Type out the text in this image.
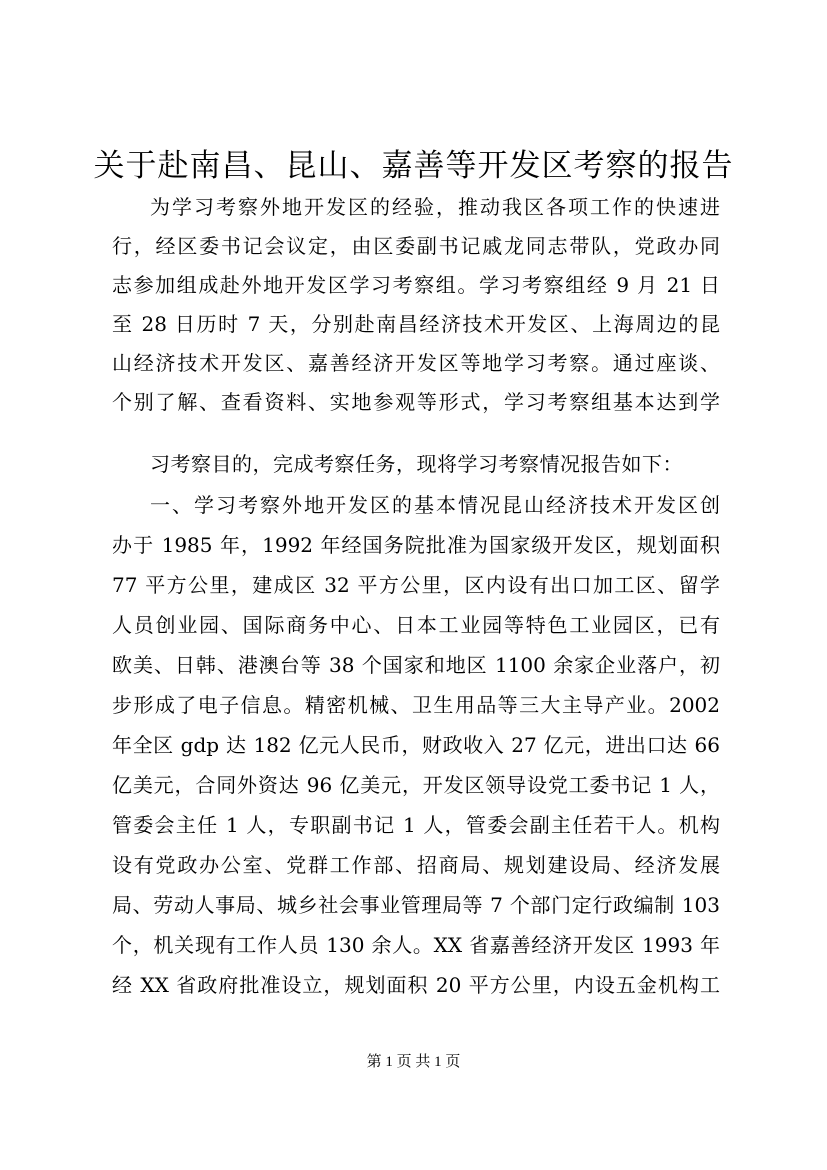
关于赴南昌、昆山、嘉善等开发区考察的报告
为学习考察外地开发区的经验，推动我区各项工作的快速进
行，经区委书记会议定，由区委副书记戚龙同志带队，党政办同
志参加组成赴外地开发区学习考察组。学习考察组经 9 月 21 日
至 28 日历时 7 天，分别赴南昌经济技术开发区、上海周边的昆
山经济技术开发区、嘉善经济开发区等地学习考察。通过座谈、
个别了解、查看资料、实地参观等形式，学习考察组基本达到学
习考察目的，完成考察任务，现将学习考察情况报告如下：
一、学习考察外地开发区的基本情况昆山经济技术开发区创
办于 1985 年，1992 年经国务院批准为国家级开发区，规划面积
77 平方公里，建成区 32 平方公里，区内设有出口加工区、留学
人员创业园、国际商务中心、日本工业园等特色工业园区，已有
欧美、日韩、港澳台等 38 个国家和地区 1100 余家企业落户，初
步形成了电子信息。精密机械、卫生用品等三大主导产业。2002
年全区 gdp 达 182 亿元人民币，财政收入 27 亿元，进出口达 66
亿美元，合同外资达 96 亿美元，开发区领导设党工委书记 1 人，
管委会主任 1 人，专职副书记 1 人，管委会副主任若干人。机构
设有党政办公室、党群工作部、招商局、规划建设局、经济发展
局、劳动人事局、城乡社会事业管理局等 7 个部门定行政编制 103
个，机关现有工作人员 130 余人。XX 省嘉善经济开发区 1993 年
经 XX 省政府批准设立，规划面积 20 平方公里，内设五金机构工
第 1 页 共 1 页
